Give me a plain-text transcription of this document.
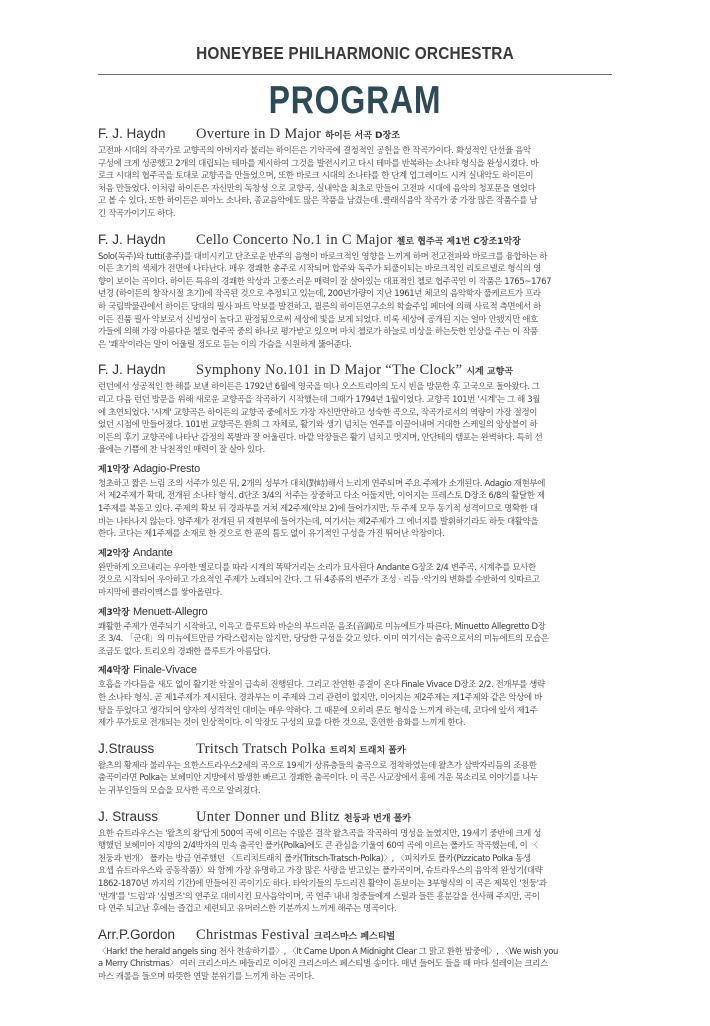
HONEYBEE PHILHARMONIC ORCHESTRA
PROGRAM
F. J. Haydn	Overture in D Major 하이든 서곡 D장조
고전파 시대의 작곡가로 교향곡의 아버지라 불리는 하이든은 기악곡에 결정적인 공헌을 한 작곡가이다. 화성적인 단선율 음악
구성에 크게 성공했고 2개의 대립되는 테마를 제시하여 그것을 발전시키고 다시 테마를 반복하는 소나타 형식을 완성시켰다. 바
로크 시대의 협주곡을 토대로 교향곡을 만들었으며, 또한 바로크 시대의 소나타를 한 단계 업그레이드 시켜 실내악도 하이든이
처음 만들었다. 이처럼 하이든은 자신만의 독창성 으로 교향곡, 실내악을 최초로 만들어 고전파 시대에 음악의 청포문을 열었다
고 볼 수 있다. 또한 하이든은 피아노 소나타, 종교음악에도 많은 작품을 남겼는데 .클래식음악 작곡가 중 가장 많은 작품수를 남
긴 작곡가이기도 하다.
F. J. Haydn	Cello Concerto No.1 in C Major 첼로 협주곡 제1번 C장조1악장
Solo(독주)와 tutti(총주)를 대비시키고 단조로운 반주의 음형이 바로크적인 영향을 느끼게 하며 전고전파와 바로크를 융합하는 하
이든 초기의 색체가 전면에 나타난다. 매우 경쾌한 총주로 시작되며 합주와 독주가 되풀이되는 바로크적인 리토르넬로 형식의 영
향이 보이는 곡이다. 하이든 특유의 경쾌한 악상과 고풍스러운 매력이 잘 살아있는 대표적인 첼로 협주곡인 이 작품은 1765~1767
년경 (하이든의 창작시절 초기)에 작곡된 것으로 추정되고 있는데, 200년가량이 지난 1961년 체코의 음악학자 풀케르트가 프라
하 국립박물관에서 하이든 당대의 필사 파트 악보를 발견하고, 쾰른의 하이든연구소의 학술주임 페더에 의해 사료적 측면에서 하
이든 진품 필사 악보로서 신빙성이 높다고 판정됨으로써 세상에 빛을 보게 되었다. 비록 세상에 공개된 지는 얼마 안됐지만 애호
가들에 의해 가장 아름다운 첼로 협주곡 중의 하나로 평가받고 있으며 마치 첼로가 하늘로 비상을 하는듯한 인상을 주는 이 작품
은 '쾌작'이라는 말이 어울릴 정도로 듣는 이의 가슴을 시원하게 뚫어준다.
F. J. Haydn	Symphony No.101 in D Major “The Clock” 시계 교향곡
런던에서 성공적인 한 해를 보낸 하이든은 1792년 6월에 영국을 떠나 오스트리아의 도시 빈을 방문한 후 고국으로 돌아왔다. 그
리고 다음 런던 방문을 위해 새로운 교향곡을 작곡하기 시작했는데 그때가 1794년 1월이었다. 교향곡 101번 '시계'는 그 해 3월
에 초연되었다. '시계' 교향곡은 하이든의 교향곡 중에서도 가장 자신만만하고 성숙한 곡으로, 작곡가로서의 역량이 가장 절정이
었던 시점에 만들어졌다. 101번 교향곡은 환희 그 자체로, 활기와 생기 넘치는 연주를 이끌어내며 거대한 스케일의 앙상블이 하
이든의 후기 교향곡에 나타난 감정의 폭발과 잘 어울린다. 바깥 악장들은 활기 넘치고 멋지며, 안단테의 템포는 완벽하다. 특히 선
율에는 기쁨에 찬 낙천적인 매력이 잘 살아 있다.
제1악장 Adagio-Presto
청초하고 짧은 느림 조의 서주가 있은 뒤, 2개의 성부가 대치(對峙)해서 느리게 연주되며 주요 주제가 소개된다. Adagio 재현부에
서 제2주제가 확대, 전개된 소나타 형식. d단조 3/4의 서주는 장중하고 다소 어둡지만, 이어지는 프레스토 D장조 6/8의 활달한 제
1주제를 복돋고 있다. 주제의 확보 뒤 경과부를 거쳐 제2주제(악보 2)에 들어가지만, 두 주제 모두 동기적 성격이므로 명확한 대
비는 나타나지 않는다. 양주제가 전개된 뒤 재현부에 들어가는데, 여기서는 제2주제가 그 에너지를 발휘하기라도 하듯 대활약을
한다. 코다는 제1주제를 소재로 한 것으로 한 푼의 틈도 없이 유기적인 구성을 가진 뛰어난 악장이다.
제2악장 Andante
완만하게 오르내리는 우아한 멜로디를 따라 시계의 똑딱거리는 소리가 묘사된다 Andante G장조 2/4 변주곡. 시계추를 묘사한
것으로 시작되어 우아하고 가요적인 주제가 노래되어 간다. 그 뒤 4종류의 변주가 조성 · 리듬 ·악기의 변화를 수반하여 잇따르고
마지막에 클라이맥스를 쌓아올린다.
제3악장 Menuett-Allegro
쾌활한 주제가 연주되기 시작하고, 이윽고 플루트와 바순의 부드러운 음조(音調)로 미뉴에트가 따른다. Minuetto Allegretto D장
조 3/4. 「군대」의 미뉴에트만큼 가락스럽지는 않지만, 당당한 구성을 갖고 있다. 이미 여기서는 춤곡으로서의 미뉴에트의 모습은
조금도 없다. 트리오의 경쾌한 플루트가 아름답다.
제4악장 Finale-Vivace
호흡을 가다듬을 새도 없이 활기찬 악절이 급속히 진행된다. 그리고 찬연한 종결이 온다 Finale Vivace D장조 2/2. 전개부를 생략
한 소나타 형식. 곧 제1주제가 제시된다. 경과부는 이 주제와 그리 관련이 없지만, 이어지는 제2주제는 제1주제와 같은 악상에 바
탕을 두었다고 생각되어 양자의 성격적인 대비는 매우 약하다. 그 때문에 오히려 론도 형식을 느끼게 하는데, 코다에 앞서 제1주
제가 푸가토로 전개되는 것이 인상적이다. 이 악장도 구성의 묘를 다한 것으로, 혼연한 융화를 느끼게 한다.
J.Strauss	Tritsch Tratsch Polka 트리치 트래치 폴카
왈츠의 황제라 불리우는 요한스트라우스2세의 곡으로 19세기 상류층들의 춤곡으로 정착하였는데 왈츠가 삼박자리듬의 조용한
춤곡이라면 Polka는 보헤미안 지방에서 발생한 빠르고 경쾌한 춤곡이다. 이 곡은 사교장에서 흥에 겨운 목소리로 이야기를 나누
는 귀부인들의 모습을 묘사한 곡으로 알려졌다.
J. Strauss	Unter Donner und Blitz 천둥과 번개 폴카
요한 슈트라우스는 '왈츠의 왕'답게 500여 곡에 이르는 수많은 걸작 왈츠곡을 작곡하여 명성을 높였지만, 19세기 중반에 크게 성
행했던 보헤미아 지방의 2/4박자의 민속 춤곡인 폴카(Polka)에도 큰 관심을 기울여 60여 곡에 이르는 폴카도 작곡했는데, 이 〈
천둥과 번개〉 폴카는 방금 연주했던 〈트리치트래치 폴카(Tritsch-Tratsch-Polka)〉, 〈피치카토 폴카(Pizzicato Polka 동생
요셉 슈트라우스와 공동작품)〉와 함께 가장 유명하고 가장 많은 사랑을 받고있는 폴카곡이며, 슈트라우스의 음악적 완성기(대략
1862-1870년 까지의 기간)에 만들어진 곡이기도 하다. 타악기들의 두드러진 활약이 돋보이는 3부형식의 이 곡은 제목인 '천둥'과
'번개'를 '드럼'과 '심벌즈'의 연주로 대비시킨 묘사음악이며, 곡 연주 내내 청중들에게 스릴과 들뜬 흥분감을 선사해 주지만, 곡이
다 연주 되고난 후에는 즐겁고 세련되고 유머러스한 기분까지 느끼게 해주는 명곡이다.
Arr.P.Gordon	Christmas Festival 크리스마스 페스티벌
〈Hark! the herald angels sing 천사 찬송하기를〉, 〈It Came Upon A Midnight Clear 그 맑고 환한 밤중에〉, 〈We wish you
a Merry Christmas〉 여러 크리스마스 메들리로 이어진 크리스마스 페스티벌 송이다. 매년 들어도 들을 때 마다 설레이는 크리스
마스 캐롤을 들으며 따뜻한 연말 분위기를 느끼게 하는 곡이다.
